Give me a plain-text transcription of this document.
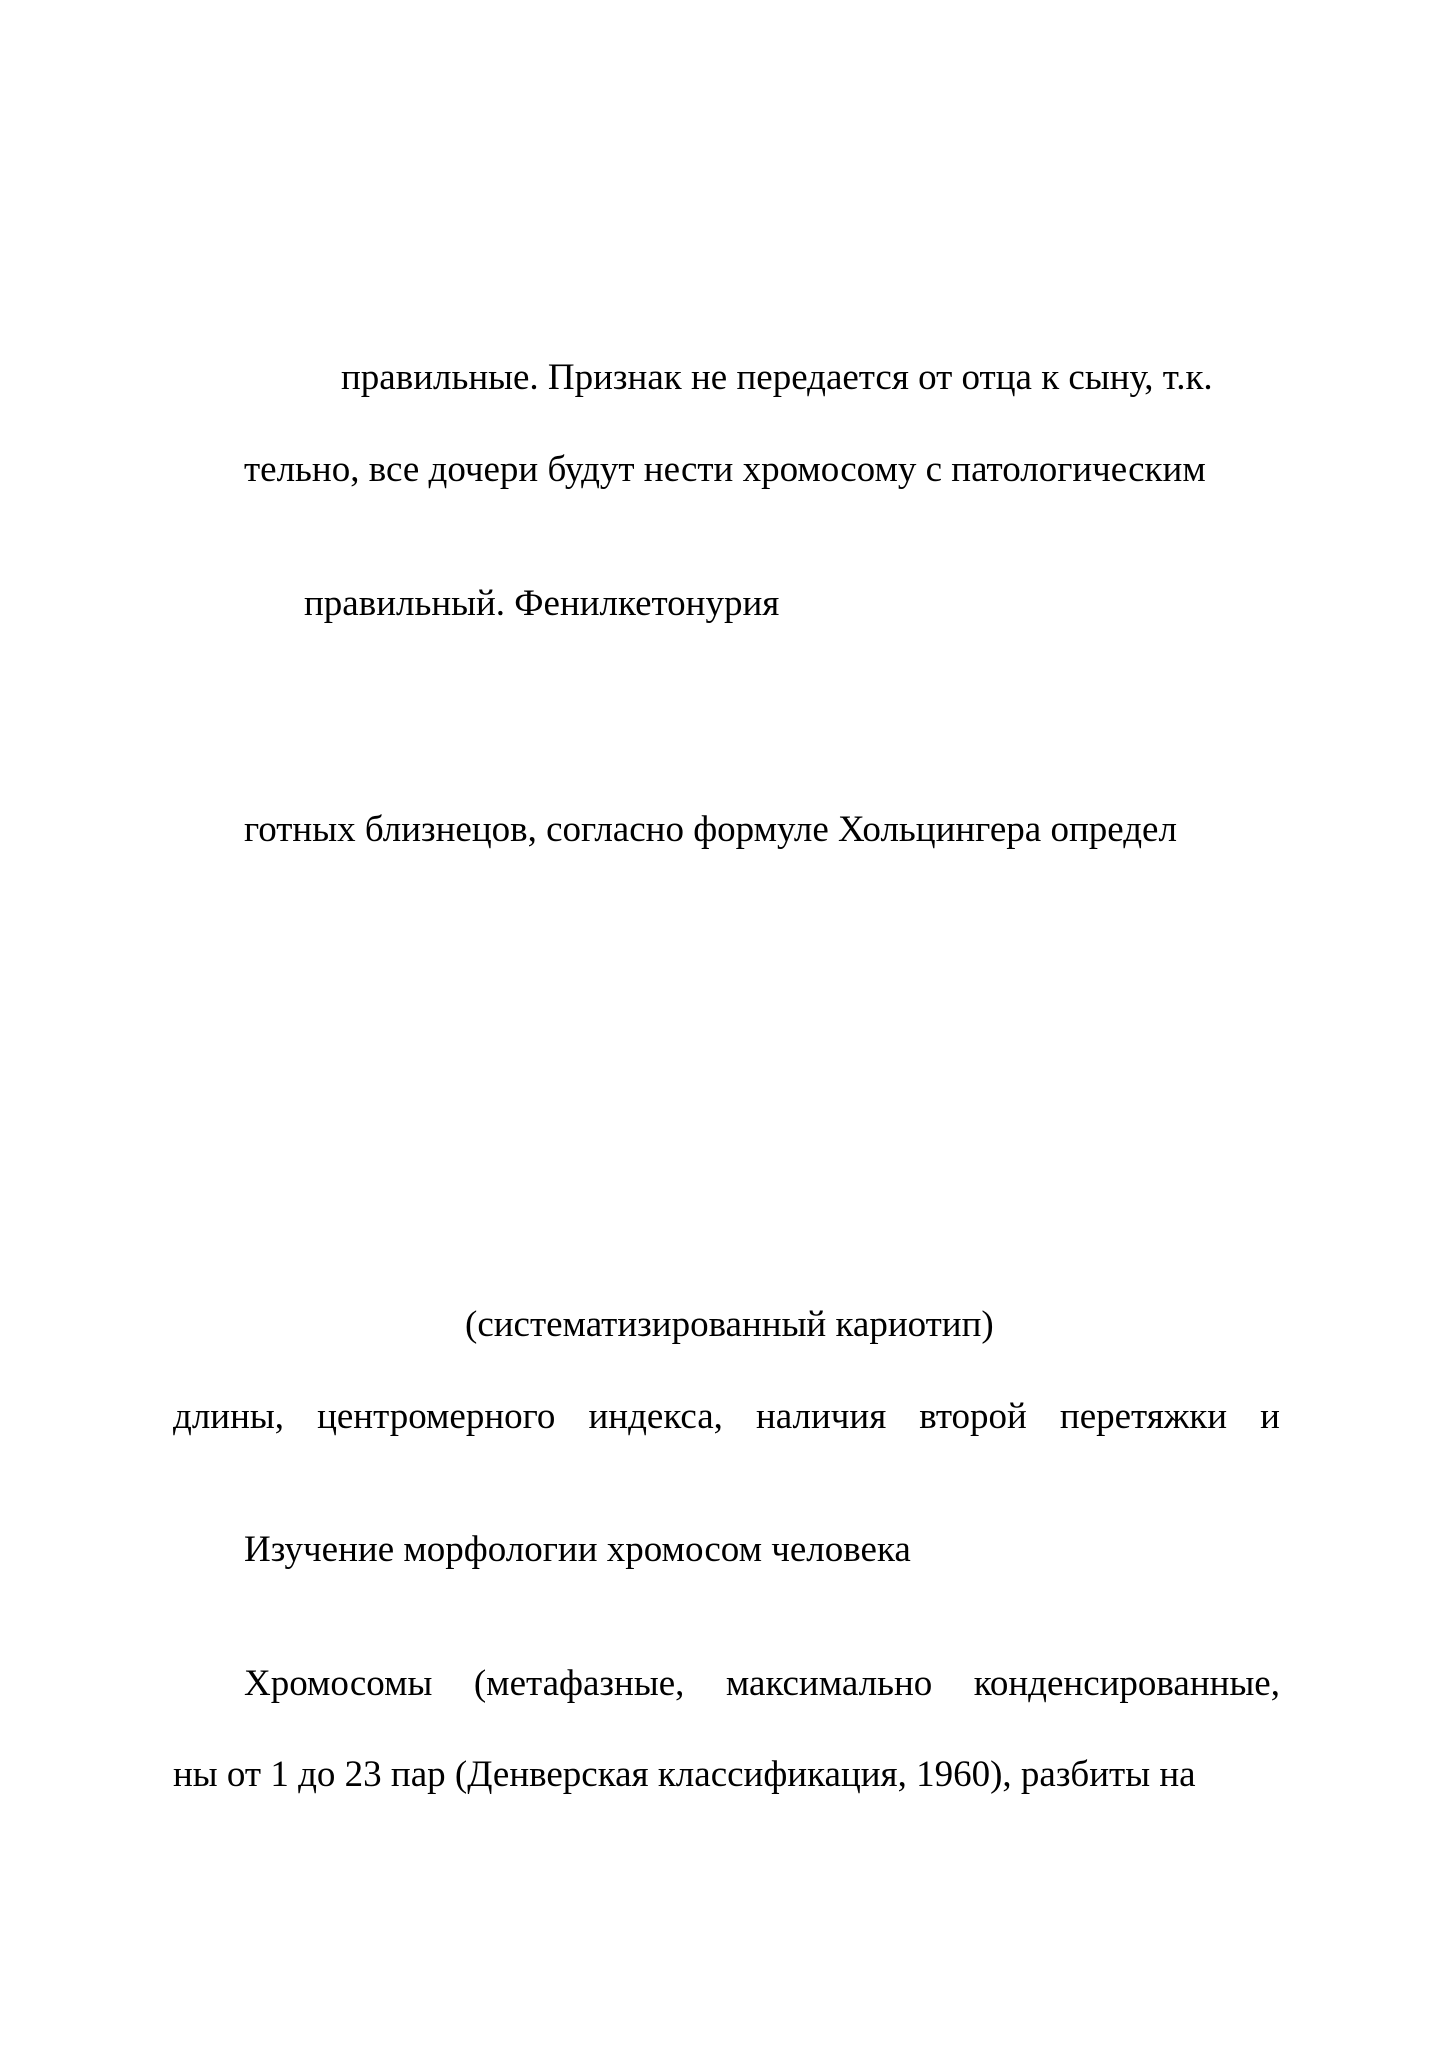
правильные. Признак не передается от отца к сыну, т.к.
тельно, все дочери будут нести хромосому с патологическим
правильный. Фенилкетонурия
готных близнецов, согласно формуле Хольцингера определ
(систематизированный кариотип)
длины, центромерного индекса, наличия второй перетяжки и
Изучение морфологии хромосом человека
Хромосомы (метафазные, максимально конденсированные,
ны от 1 до 23 пар (Денверская классификация, 1960), разбиты на
